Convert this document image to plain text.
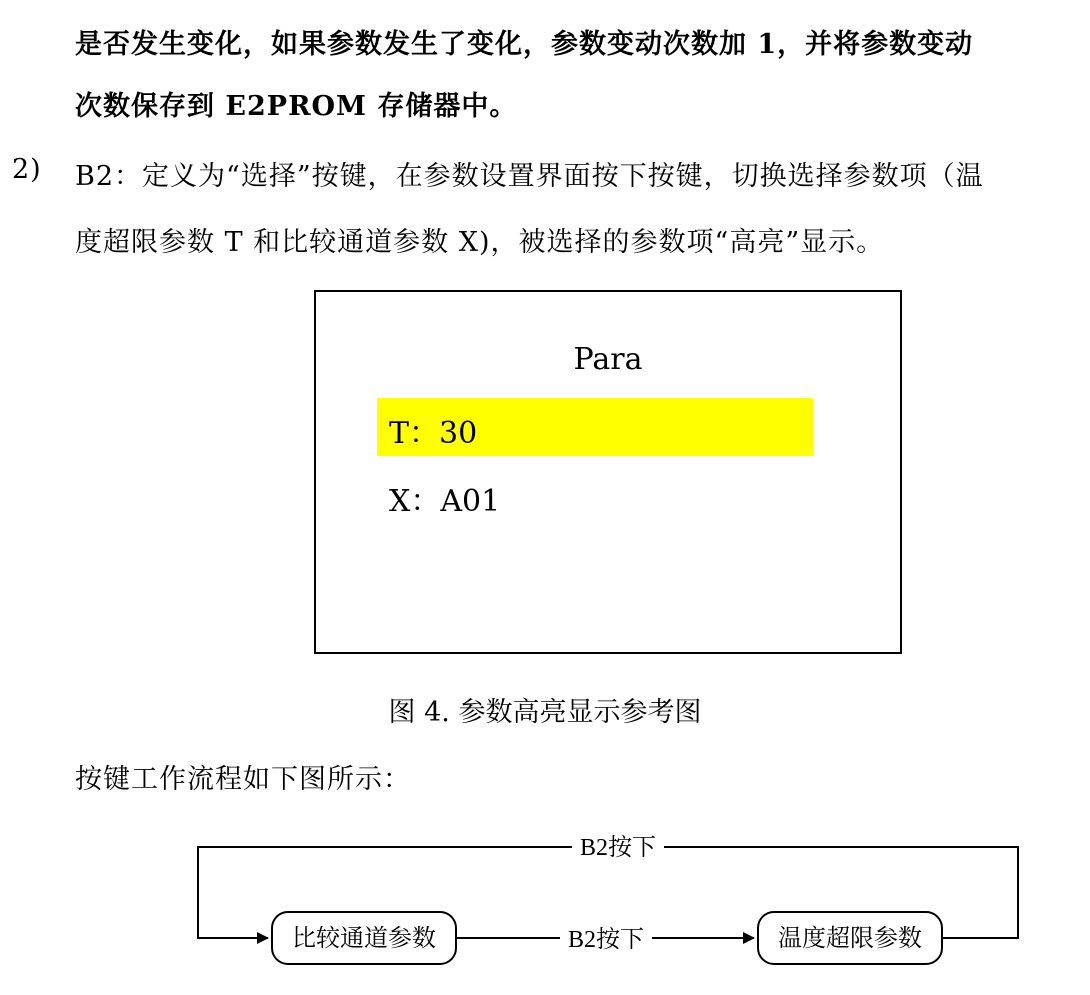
是否发生变化，如果参数发生了变化，参数变动次数加 1，并将参数变动
次数保存到 E2PROM 存储器中。
2) B2：定义为“选择”按键，在参数设置界面按下按键，切换选择参数项（温
度超限参数 T 和比较通道参数 X)，被选择的参数项“高亮”显示。
Para
T：30
X：A01
图 4. 参数高亮显示参考图
按键工作流程如下图所示：
B2按下
B2按下
比较通道参数	温度超限参数
